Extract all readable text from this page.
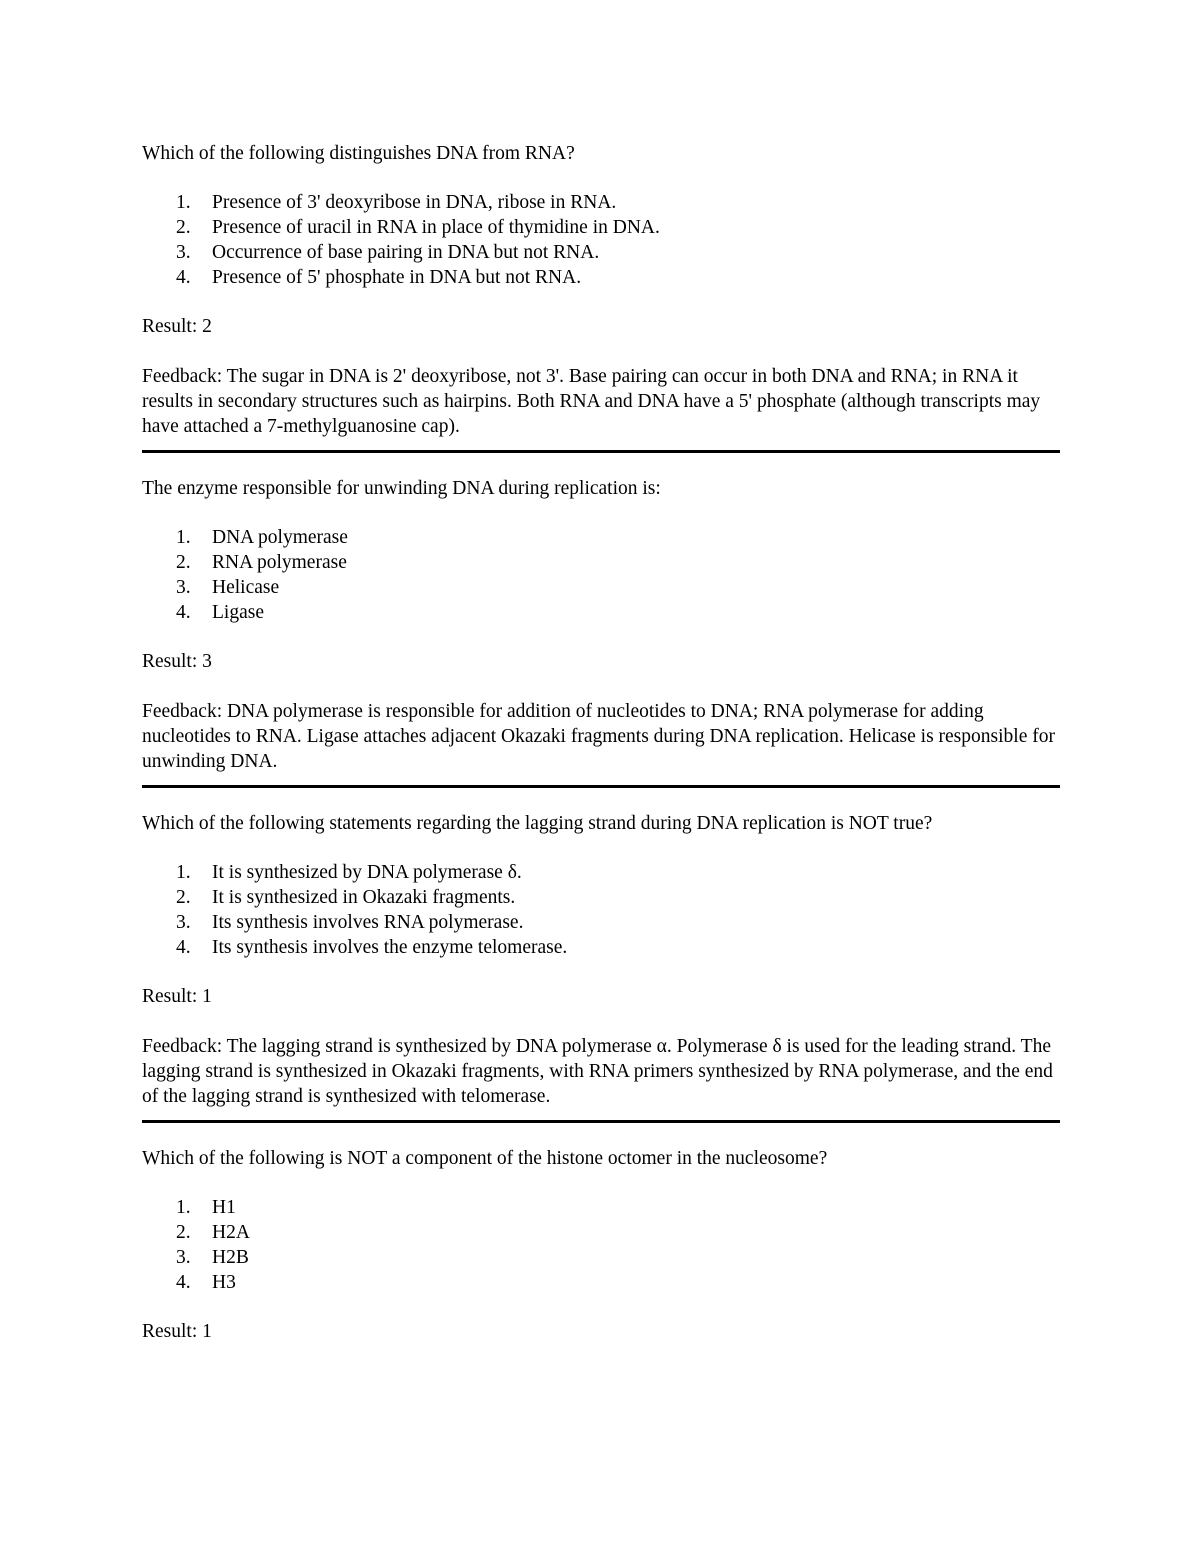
Which of the following distinguishes DNA from RNA?

1.	Presence of 3' deoxyribose in DNA, ribose in RNA.
2.	Presence of uracil in RNA in place of thymidine in DNA.
3.	Occurrence of base pairing in DNA but not RNA.
4.	Presence of 5' phosphate in DNA but not RNA.

Result: 2

Feedback: The sugar in DNA is 2' deoxyribose, not 3'. Base pairing can occur in both DNA and RNA; in RNA it results in secondary structures such as hairpins. Both RNA and DNA have a 5' phosphate (although transcripts may have attached a 7-methylguanosine cap).

The enzyme responsible for unwinding DNA during replication is:

1.	DNA polymerase
2.	RNA polymerase
3.	Helicase
4.	Ligase

Result: 3

Feedback: DNA polymerase is responsible for addition of nucleotides to DNA; RNA polymerase for adding nucleotides to RNA. Ligase attaches adjacent Okazaki fragments during DNA replication. Helicase is responsible for unwinding DNA.

Which of the following statements regarding the lagging strand during DNA replication is NOT true?

1.	It is synthesized by DNA polymerase δ.
2.	It is synthesized in Okazaki fragments.
3.	Its synthesis involves RNA polymerase.
4.	Its synthesis involves the enzyme telomerase.

Result: 1

Feedback: The lagging strand is synthesized by DNA polymerase α. Polymerase δ is used for the leading strand. The lagging strand is synthesized in Okazaki fragments, with RNA primers synthesized by RNA polymerase, and the end of the lagging strand is synthesized with telomerase.

Which of the following is NOT a component of the histone octomer in the nucleosome?

1.	H1
2.	H2A
3.	H2B
4.	H3

Result: 1
